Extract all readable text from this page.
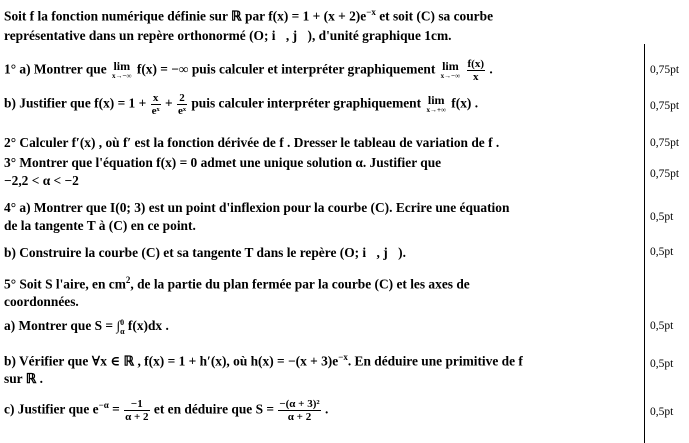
Soit f la fonction numérique définie sur ℝ par $f(x) = 1 + (x + 2)e^{-x}$ et soit (C) sa courbe
représentative dans un repère orthonormé (O; i⃗, j⃗), d'unité graphique 1cm.
1° a) Montrer que lim
x→−∞ f(x) = −∞ puis calculer et interpréter graphiquement lim
x→−∞
$\frac{f(x)}{x}$ .	0,75pt
b) Justifier que $f(x) = 1 + \frac{x}{\text{eˣ}} + \frac{2}{\text{eˣ}}$ puis calculer interpréter graphiquement lim
x→+∞ f(x) .	0,75pt
2° Calculer f′(x) , où f′ est la fonction dérivée de f . Dresser le tableau de variation de f .	0,75pt
3° Montrer que l'équation f(x) = 0 admet une unique solution α. Justifier que
−2,2 < α < −2	0,75pt
4° a) Montrer que I(0; 3) est un point d'inflexion pour la courbe (C). Ecrire une équation
de la tangente T à (C) en ce point.
0,5pt
b) Construire la courbe (C) et sa tangente T dans le repère (O; i⃗, j⃗).	0,5pt
5° Soit S l'aire, en $cm^2$, de la partie du plan fermée par la courbe (C) et les axes de
coordonnées.
a) Montrer que S = ∫ 0
α f(x)dx .	0,5pt
b) Vérifier que ∀x ∈ ℝ , f(x) = 1 + h′(x), où $h(x) = -(x + 3)e^{-x}$. En déduire une primitive de f
sur ℝ .
0,5pt
c) Justifier que $e^{-\alpha} = \frac{-1}{\alpha + 2}$ et en déduire que $S = \frac{\text{−(α + 3)²}}{\alpha + 2}$ .	0,5pt
